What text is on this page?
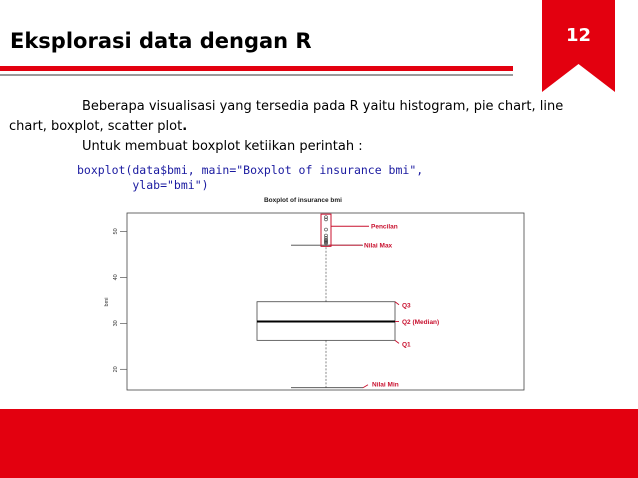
Eksplorasi data dengan R	12

Beberapa visualisasi yang tersedia pada R yaitu histogram, pie chart, line

chart, boxplot, scatter plot.

Untuk membuat boxplot ketiikan perintah :

boxplot(data$bmi, main="Boxplot of insurance bmi",
ylab="bmi")
Boxplot of insurance bmi
bmi
20
30
40
50
Pencilan
Nilai Max
Q3
Q2 (Median)
Q1
Nilai Min
